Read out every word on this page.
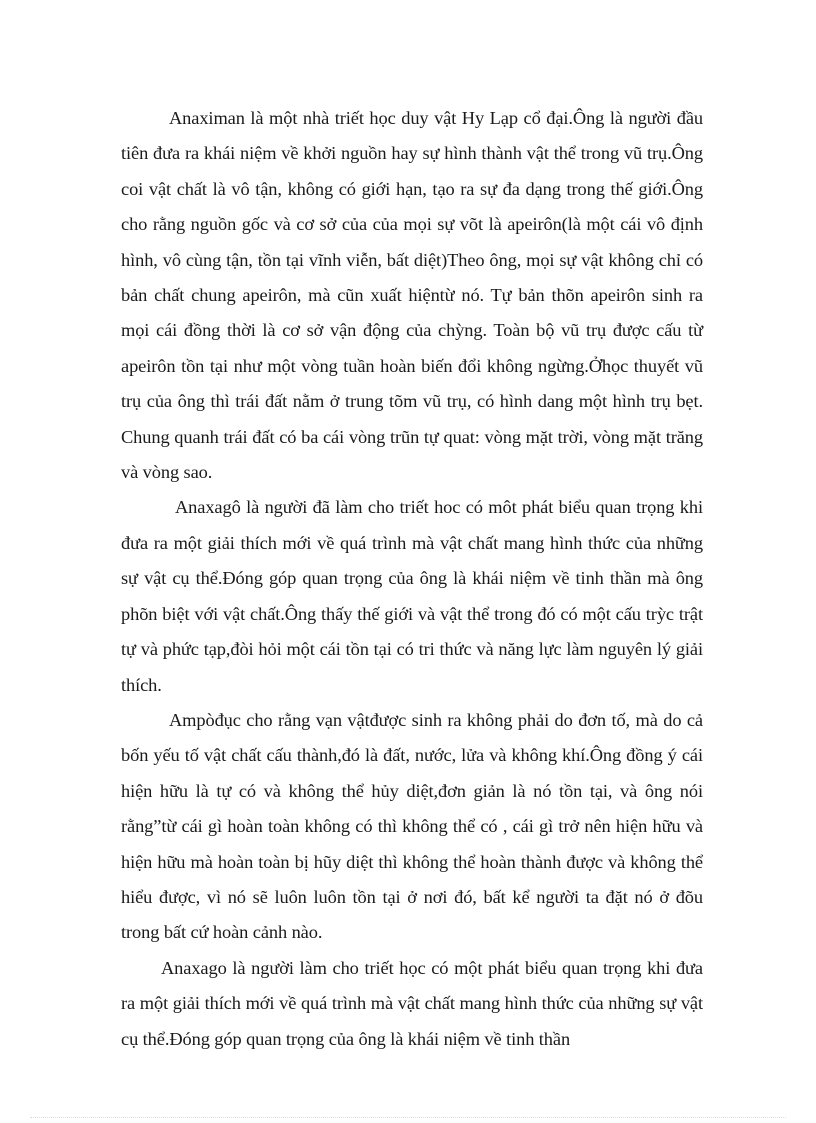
Anaximan là một nhà triết học duy vật Hy Lạp cổ đại.Ông là người đầu tiên đưa ra khái niệm về khởi nguồn hay sự hình thành vật thể trong vũ trụ.Ông coi vật chất là vô tận, không có giới hạn, tạo ra sự đa dạng trong thế giới.Ông cho rằng nguồn gốc và cơ sở của của mọi sự võt là apeirôn(là một cái vô định hình, vô cùng tận, tồn tại vĩnh viễn, bất diệt)Theo ông, mọi sự vật không chỉ có bản chất chung apeirôn, mà cũn xuất hiệntừ nó. Tự bản thõn apeirôn sinh ra mọi cái đồng thời là cơ sở vận động của chỳng. Toàn bộ vũ trụ được cấu từ apeirôn tồn tại như một vòng tuần hoàn biến đổi không ngừng.Ởhọc thuyết vũ trụ của ông thì trái đất nằm ở trung tõm vũ trụ, có hình dang một hình trụ bẹt. Chung quanh trái đất có ba cái vòng trũn tự quat: vòng mặt trời, vòng mặt trăng và vòng sao.

Anaxagô là người đã làm cho triết hoc có môt phát biểu quan trọng khi đưa ra một giải thích mới về quá trình mà vật chất mang hình thức của những sự vật cụ thể.Đóng góp quan trọng của ông là khái niệm về tinh thần mà ông phõn biệt với vật chất.Ông thấy thế giới và vật thể trong đó có một cấu trỳc trật tự và phức tạp,đòi hỏi một cái tồn tại có tri thức và năng lực làm nguyên lý giải thích.

Ampòđục cho rằng vạn vậtđược sinh ra không phải do đơn tố, mà do cả bốn yếu tố vật chất cấu thành,đó là đất, nước, lửa và không khí.Ông đồng ý cái hiện hữu là tự có và không thể hủy diệt,đơn giản là nó tồn tại, và ông nói rằng”từ cái gì hoàn toàn không có thì không thể có , cái gì trở nên hiện hữu và hiện hữu mà hoàn toàn bị hũy diệt thì không thể hoàn thành được và không thể hiểu được, vì nó sẽ luôn luôn tồn tại ở nơi đó, bất kể người ta đặt nó ở đõu trong bất cứ hoàn cảnh nào.

Anaxago là người làm cho triết học có một phát biểu quan trọng khi đưa ra một giải thích mới về quá trình mà vật chất mang hình thức của những sự vật cụ thể.Đóng góp quan trọng của ông là khái niệm về tinh thần
